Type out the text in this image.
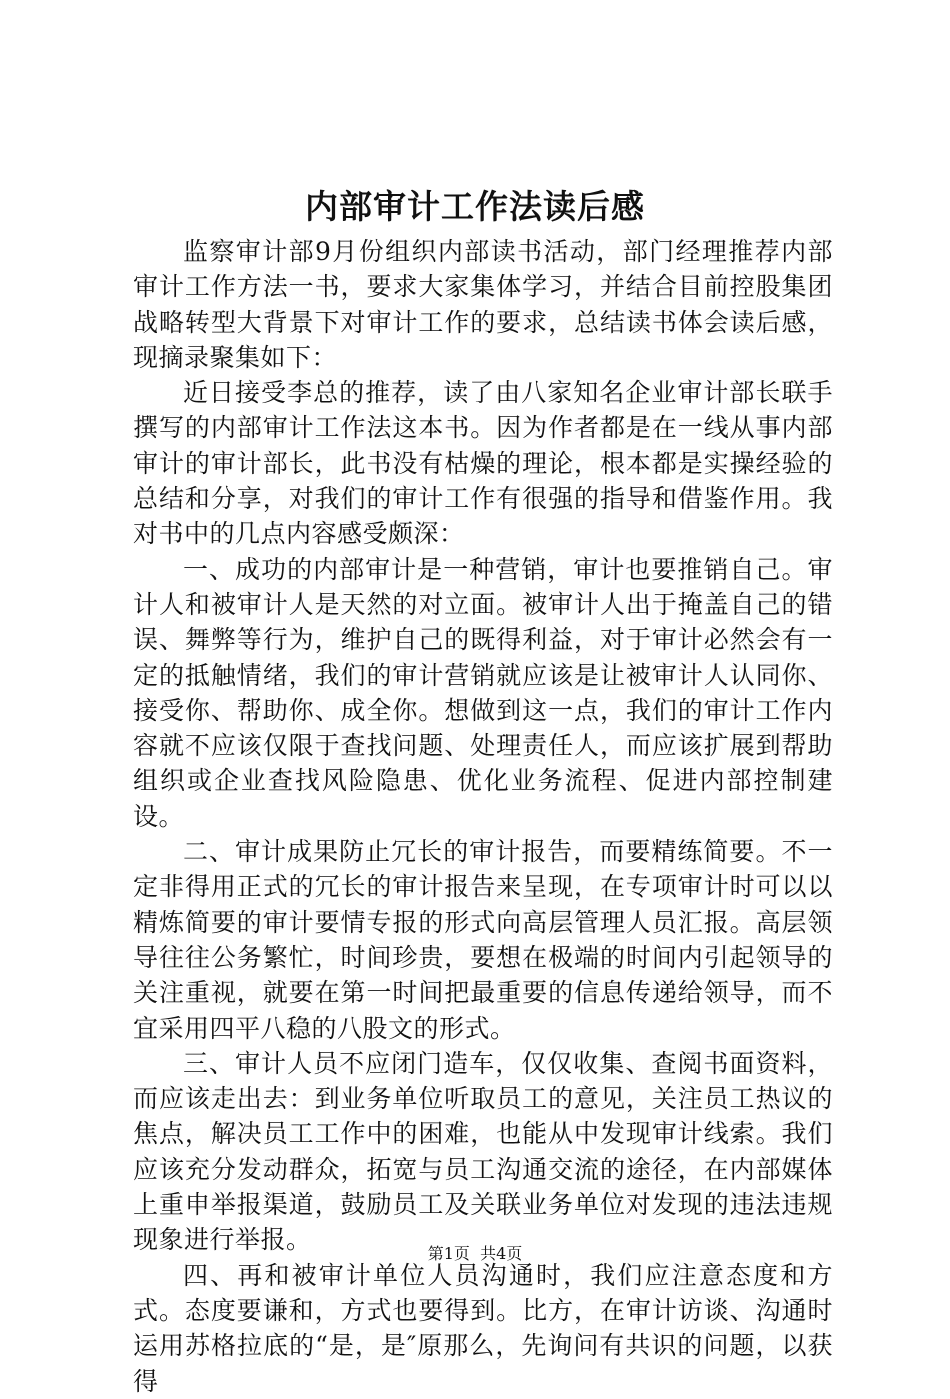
内部审计工作法读后感

监察审计部9月份组织内部读书活动，部门经理推荐内部审计工作方法一书，要求大家集体学习，并结合目前控股集团战略转型大背景下对审计工作的要求，总结读书体会读后感，现摘录聚集如下：

近日接受李总的推荐，读了由八家知名企业审计部长联手撰写的内部审计工作法这本书。因为作者都是在一线从事内部审计的审计部长，此书没有枯燥的理论，根本都是实操经验的总结和分享，对我们的审计工作有很强的指导和借鉴作用。我对书中的几点内容感受颇深：

一、成功的内部审计是一种营销，审计也要推销自己。审计人和被审计人是天然的对立面。被审计人出于掩盖自己的错误、舞弊等行为，维护自己的既得利益，对于审计必然会有一定的抵触情绪，我们的审计营销就应该是让被审计人认同你、接受你、帮助你、成全你。想做到这一点，我们的审计工作内容就不应该仅限于查找问题、处理责任人，而应该扩展到帮助组织或企业查找风险隐患、优化业务流程、促进内部控制建设。

二、审计成果防止冗长的审计报告，而要精练简要。不一定非得用正式的冗长的审计报告来呈现，在专项审计时可以以精炼简要的审计要情专报的形式向高层管理人员汇报。高层领导往往公务繁忙，时间珍贵，要想在极端的时间内引起领导的关注重视，就要在第一时间把最重要的信息传递给领导，而不宜采用四平八稳的八股文的形式。

三、审计人员不应闭门造车，仅仅收集、查阅书面资料，而应该走出去：到业务单位听取员工的意见，关注员工热议的焦点，解决员工工作中的困难，也能从中发现审计线索。我们应该充分发动群众，拓宽与员工沟通交流的途径，在内部媒体上重申举报渠道，鼓励员工及关联业务单位对发现的违法违规现象进行举报。

四、再和被审计单位人员沟通时，我们应注意态度和方式。态度要谦和，方式也要得到。比方，在审计访谈、沟通时运用苏格拉底的“是，是″原那么，先询问有共识的问题，以获得

第1页 共4页
